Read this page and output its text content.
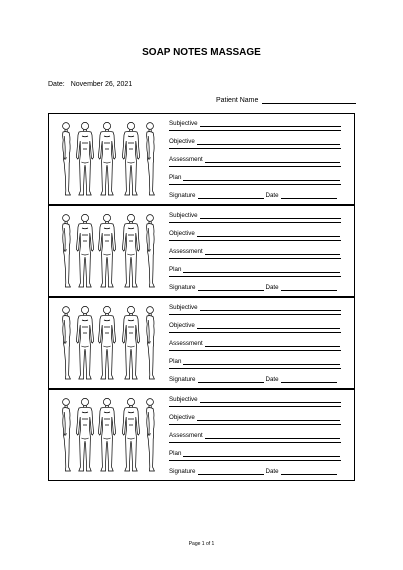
SOAP NOTES MASSAGE
Date: November 26, 2021
Patient Name
Subjective
Objective
Assessment
Plan
Signature	Date
Subjective
Objective
Assessment
Plan
Signature	Date
Subjective
Objective
Assessment
Plan
Signature	Date
Subjective
Objective
Assessment
Plan
Signature	Date
Page 1 of 1
